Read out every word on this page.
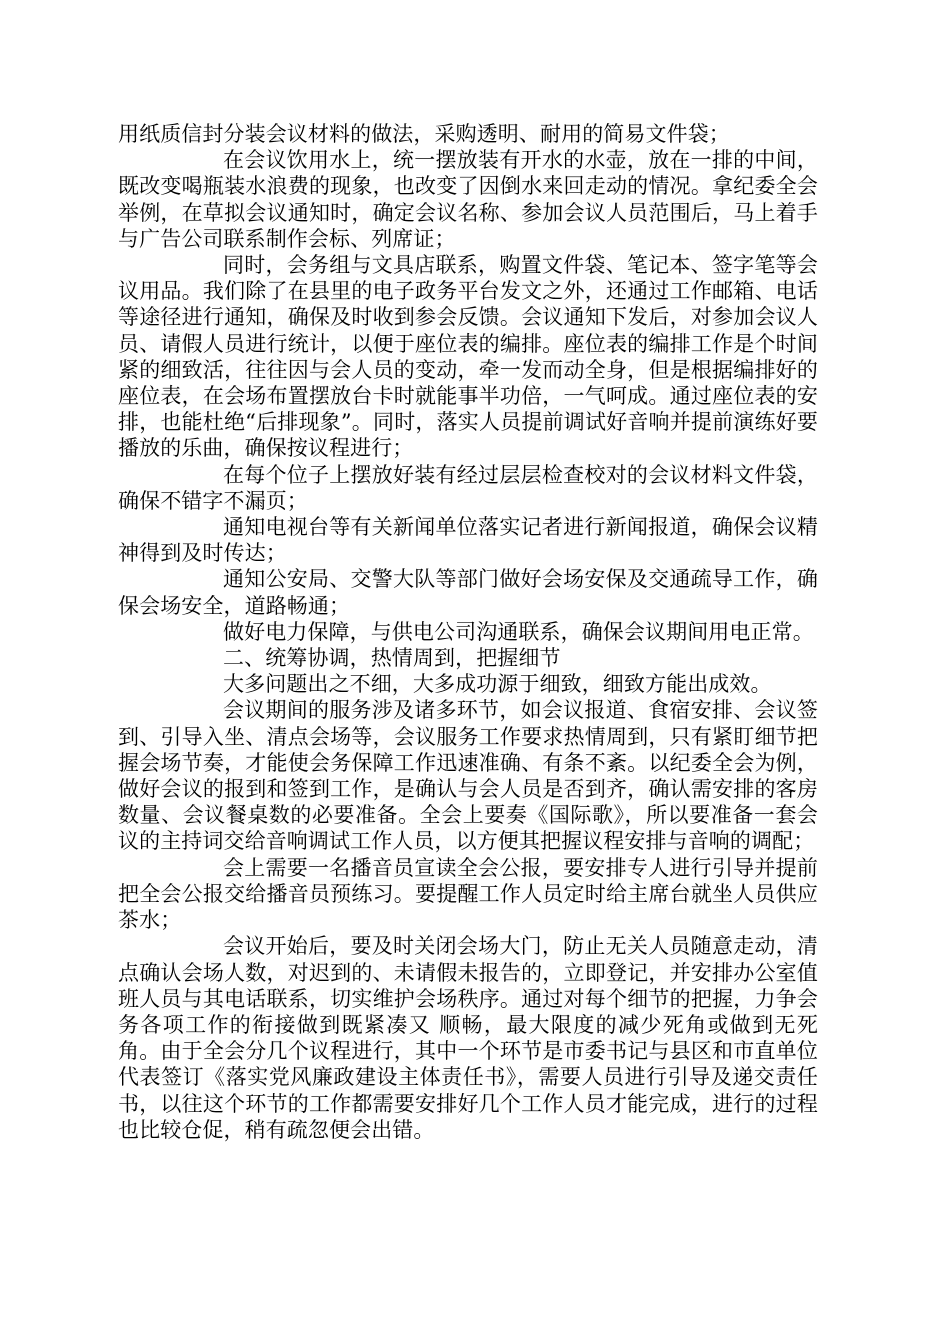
用纸质信封分装会议材料的做法，采购透明、耐用的简易文件袋；

在会议饮用水上，统一摆放装有开水的水壶，放在一排的中间，既改变喝瓶装水浪费的现象，也改变了因倒水来回走动的情况。拿纪委全会举例，在草拟会议通知时，确定会议名称、参加会议人员范围后，马上着手与广告公司联系制作会标、列席证；

同时，会务组与文具店联系，购置文件袋、笔记本、签字笔等会议用品。我们除了在县里的电子政务平台发文之外，还通过工作邮箱、电话等途径进行通知，确保及时收到参会反馈。会议通知下发后，对参加会议人员、请假人员进行统计，以便于座位表的编排。座位表的编排工作是个时间紧的细致活，往往因与会人员的变动，牵一发而动全身，但是根据编排好的座位表，在会场布置摆放台卡时就能事半功倍，一气呵成。通过座位表的安排，也能杜绝“后排现象”。同时，落实人员提前调试好音响并提前演练好要播放的乐曲，确保按议程进行；

在每个位子上摆放好装有经过层层检查校对的会议材料文件袋，确保不错字不漏页；

通知电视台等有关新闻单位落实记者进行新闻报道，确保会议精神得到及时传达；

通知公安局、交警大队等部门做好会场安保及交通疏导工作，确保会场安全，道路畅通；

做好电力保障，与供电公司沟通联系，确保会议期间用电正常。

二、统筹协调，热情周到，把握细节

大多问题出之不细，大多成功源于细致，细致方能出成效。

会议期间的服务涉及诸多环节，如会议报道、食宿安排、会议签到、引导入坐、清点会场等，会议服务工作要求热情周到，只有紧盯细节把握会场节奏，才能使会务保障工作迅速准确、有条不紊。以纪委全会为例，做好会议的报到和签到工作，是确认与会人员是否到齐，确认需安排的客房数量、会议餐桌数的必要准备。全会上要奏《国际歌》，所以要准备一套会议的主持词交给音响调试工作人员，以方便其把握议程安排与音响的调配；

会上需要一名播音员宣读全会公报，要安排专人进行引导并提前把全会公报交给播音员预练习。要提醒工作人员定时给主席台就坐人员供应茶水；

会议开始后，要及时关闭会场大门，防止无关人员随意走动，清点确认会场人数，对迟到的、未请假未报告的，立即登记，并安排办公室值班人员与其电话联系，切实维护会场秩序。通过对每个细节的把握，力争会务各项工作的衔接做到既紧凑又 顺畅，最大限度的减少死角或做到无死角。由于全会分几个议程进行，其中一个环节是市委书记与县区和市直单位代表签订《落实党风廉政建设主体责任书》，需要人员进行引导及递交责任书，以往这个环节的工作都需要安排好几个工作人员才能完成，进行的过程也比较仓促，稍有疏忽便会出错。
